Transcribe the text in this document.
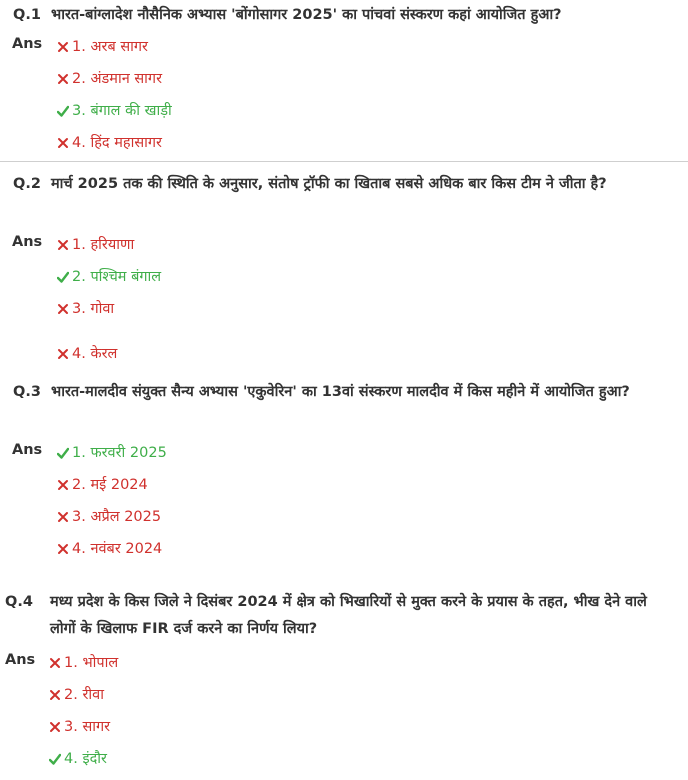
Q.1 भारत-बांग्लादेश नौसैनिक अभ्यास 'बोंगोसागर 2025' का पांचवां संस्करण कहां आयोजित हुआ?
Ans 1. अरब सागर
2. अंडमान सागर
3. बंगाल की खाड़ी
4. हिंद महासागर
Q.2 मार्च 2025 तक की स्थिति के अनुसार, संतोष ट्रॉफी का खिताब सबसे अधिक बार किस टीम ने जीता है?
Ans 1. हरियाणा
2. पश्चिम बंगाल
3. गोवा
4. केरल
Q.3 भारत-मालदीव संयुक्त सैन्य अभ्यास 'एकुवेरिन' का 13वां संस्करण मालदीव में किस महीने में आयोजित हुआ?
Ans 1. फरवरी 2025
2. मई 2024
3. अप्रैल 2025
4. नवंबर 2024
Q.4	मध्य प्रदेश के किस जिले ने दिसंबर 2024 में क्षेत्र को भिखारियों से मुक्त करने के प्रयास के तहत, भीख देने वाले लोगों के खिलाफ FIR दर्ज करने का निर्णय लिया?
Ans 1. भोपाल
2. रीवा
3. सागर
4. इंदौर
